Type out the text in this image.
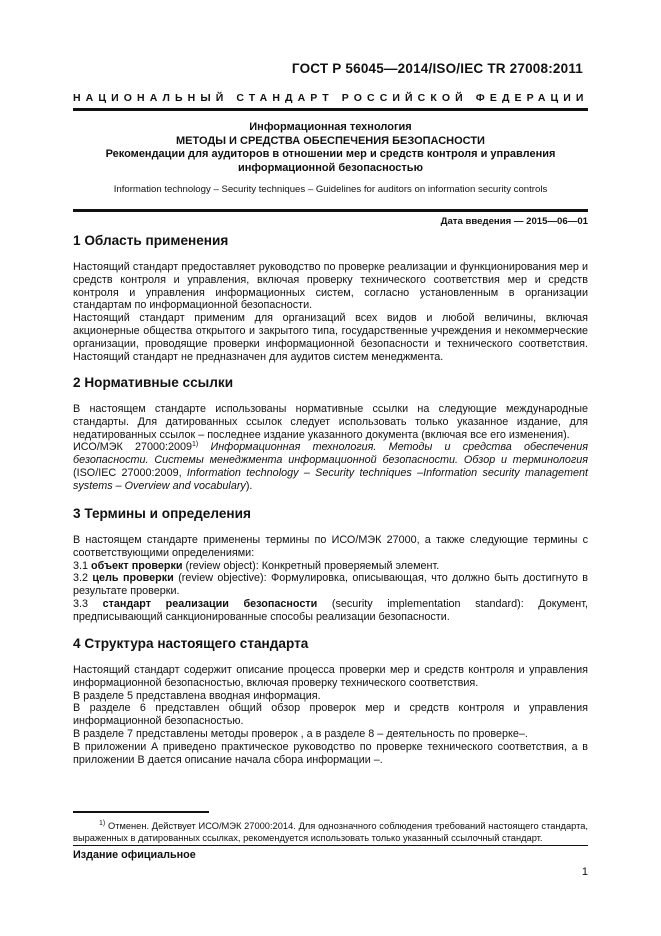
ГОСТ Р 56045—2014/ISO/IEC TR 27008:2011
НАЦИОНАЛЬНЫЙ СТАНДАРТ РОССИЙСКОЙ ФЕДЕРАЦИИ
Информационная технология
МЕТОДЫ И СРЕДСТВА ОБЕСПЕЧЕНИЯ БЕЗОПАСНОСТИ
Рекомендации для аудиторов в отношении мер и средств контроля и управления
информационной безопасностью
Information technology – Security techniques – Guidelines for auditors on information security controls
Дата введения — 2015—06—01
1 Область применения

Настоящий стандарт предоставляет руководство по проверке реализации и функционирования мер и средств контроля и управления, включая проверку технического соответствия мер и средств контроля и управления информационных систем, согласно установленным в организации стандартам по информационной безопасности.

Настоящий стандарт применим для организаций всех видов и любой величины, включая акционерные общества открытого и закрытого типа, государственные учреждения и некоммерческие организации, проводящие проверки информационной безопасности и технического соответствия. Настоящий стандарт не предназначен для аудитов систем менеджмента.

2 Нормативные ссылки

В настоящем стандарте использованы нормативные ссылки на следующие международные стандарты. Для датированных ссылок следует использовать только указанное издание, для недатированных ссылок – последнее издание указанного документа (включая все его изменения).

ИСО/МЭК 27000:2009$^{1)}$ Информационная технология. Методы и средства обеспечения безопасности. Системы менеджмента информационной безопасности. Обзор и терминология (ISO/IEC 27000:2009, Information technology – Security techniques –Information security management systems – Overview and vocabulary).

3 Термины и определения

В настоящем стандарте применены термины по ИСО/МЭК 27000, а также следующие термины с соответствующими определениями:

3.1 объект проверки (review object): Конкретный проверяемый элемент.

3.2 цель проверки (review objective): Формулировка, описывающая, что должно быть достигнуто в результате проверки.

3.3 стандарт реализации безопасности (security implementation standard): Документ, предписывающий санкционированные способы реализации безопасности.

4 Структура настоящего стандарта

Настоящий стандарт содержит описание процесса проверки мер и средств контроля и управления информационной безопасностью, включая проверку технического соответствия.

В разделе 5 представлена вводная информация.

В разделе 6 представлен общий обзор проверок мер и средств контроля и управления информационной безопасностью.

В разделе 7 представлены методы проверок , а в разделе 8 – деятельность по проверке–.

В приложении А приведено практическое руководство по проверке технического соответствия, а в приложении В дается описание начала сбора информации –.

$^{1)}$ Отменен. Действует ИСО/МЭК 27000:2014. Для однозначного соблюдения требований настоящего стандарта, выраженных в датированных ссылках, рекомендуется использовать только указанный ссылочный стандарт.

Издание официальное
1
